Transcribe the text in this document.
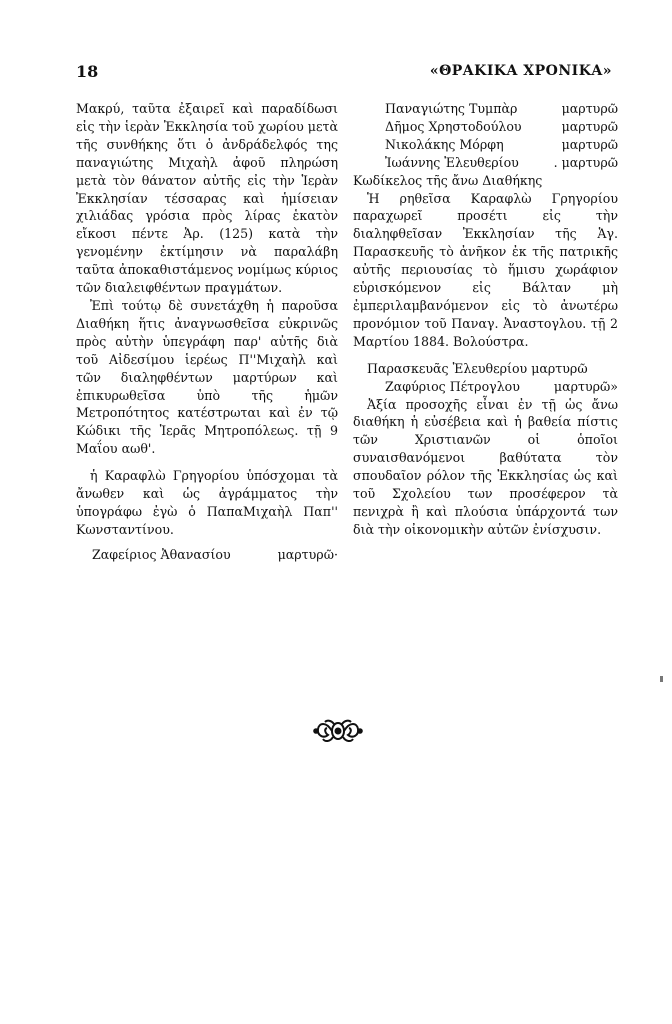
18	«ΘΡΑΚΙΚΑ ΧΡΟΝΙΚΑ»

Μακρύ, ταῦτα ἐξαιρεῖ καὶ παραδίδωσι εἰς τὴν ἱερὰν Ἐκκλησία τοῦ χωρίου μετὰ τῆς συνθήκης ὅτι ὁ ἀνδράδελφός της παναγιώτης Μιχαὴλ ἀφοῦ πληρώση μετὰ τὸν θάνατον αὐτῆς εἰς τὴν Ἱερὰν Ἐκκλησίαν τέσσαρας καὶ ἡμίσειαν χιλιάδας γρόσια πρὸς λίρας ἑκατὸν εἴκοσι πέντε Ἀρ. (125) κατὰ τὴν γενομένην ἐκτίμησιν νὰ παραλάβη ταῦτα ἀποκαθιστάμενος νομίμως κύριος τῶν διαλειφθέντων πραγμάτων.

Ἐπὶ τούτῳ δὲ συνετάχθη ἡ παροῦσα Διαθήκη ἥτις ἀναγνωσθεῖσα εὐκρινῶς πρὸς αὐτὴν ὑπεγράφη παρ' αὐτῆς διὰ τοῦ Αἰδεσίμου ἱερέως Π''Μιχαὴλ καὶ τῶν διαληφθέντων μαρτύρων καὶ ἐπικυρωθεῖσα ὑπὸ τῆς ἡμῶν Μετροπότητος κατέστρωται καὶ ἐν τῷ Κώδικι τῆς Ἱερᾶς Μητροπόλεως. τῇ 9 Μαΐου αωθ'.

ἡ Καραφλὼ Γρηγορίου ὑπόσχομαι τὰ ἄνωθεν καὶ ὡς ἀγράμματος τὴν ὑπογράφω ἐγὼ ὁ ΠαπαΜιχαὴλ Παπ'' Κωνσταντίνου.

Ζαφείριος Ἀθανασίου	μαρτυρῶ·
Παναγιώτης Τυμπὰρ	μαρτυρῶ
Δῆμος Χρηστοδούλου	μαρτυρῶ
Νικολάκης Μόρφη	μαρτυρῶ
Ἰωάννης Ἐλευθερίου	. μαρτυρῶ

Κωδίκελος τῆς ἄνω Διαθήκης

Ἡ ρηθεῖσα Καραφλὼ Γρηγορίου παραχωρεῖ προσέτι εἰς τὴν διαληφθεῖσαν Ἐκκλησίαν τῆς Ἁγ. Παρασκευῆς τὸ ἀνῆκον ἐκ τῆς πατρικῆς αὐτῆς περιουσίας τὸ ἥμισυ χωράφιον εὑρισκόμενον εἰς Βάλταν μὴ ἐμπεριλαμβανόμενον εἰς τὸ ἀνωτέρω προνόμιον τοῦ Παναγ. Ἀναστογλου. τῇ 2 Μαρτίου 1884. Βολούστρα.

Παρασκευᾶς Ἐλευθερίου μαρτυρῶ
Ζαφύριος Πέτρογλου	μαρτυρῶ»

Ἀξία προσοχῆς εἶναι ἐν τῇ ὡς ἄνω διαθήκη ἡ εὐσέβεια καὶ ἡ βαθεία πίστις τῶν Χριστιανῶν οἱ ὁποῖοι συναισθανόμενοι βαθύτατα τὸν σπουδαῖον ρόλον τῆς Ἐκκλησίας ὡς καὶ τοῦ Σχολείου των προσέφερον τὰ πενιχρὰ ἢ καὶ πλούσια ὑπάρχοντά των διὰ τὴν οἰκονομικὴν αὐτῶν ἐνίσχυσιν.
